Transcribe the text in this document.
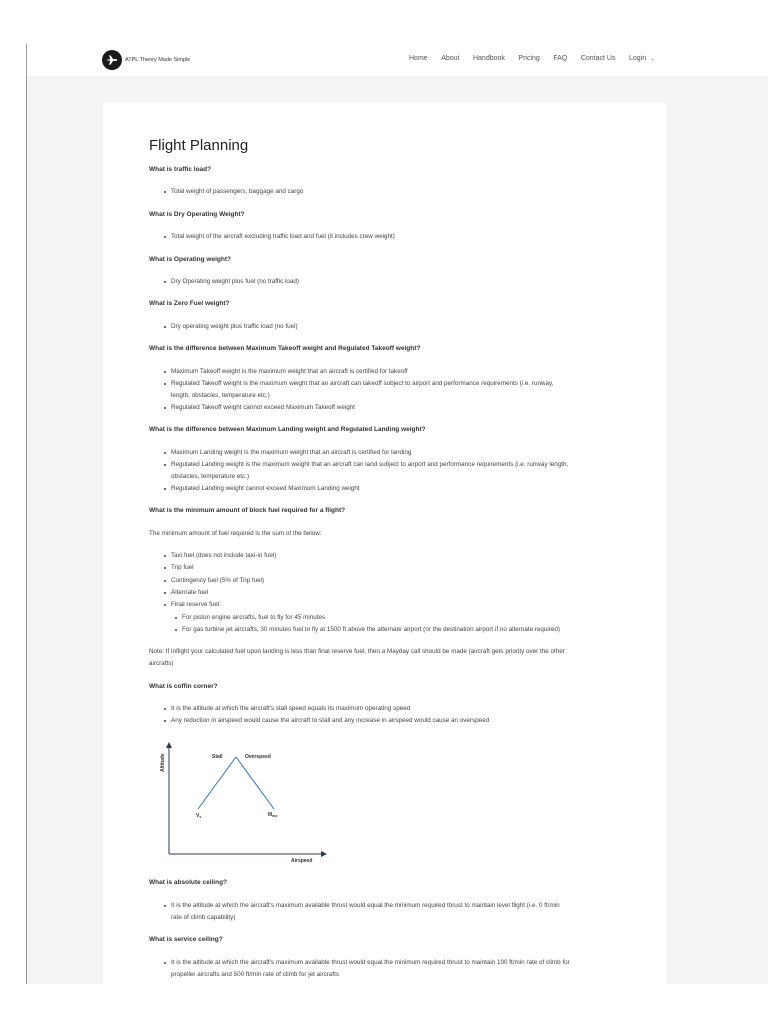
ATPL Theory Made Simple	Home About Handbook Pricing FAQ Contact Us Login ⌄
Flight Planning
What is traffic load?
Total weight of passengers, baggage and cargo
What is Dry Operating Weight?
Total weight of the aircraft excluding traffic load and fuel (it includes crew weight)
What is Operating weight?
Dry Operating weight plus fuel (no traffic load)
What is Zero Fuel weight?
Dry operating weight plus traffic load (no fuel)
What is the difference between Maximum Takeoff weight and Regulated Takeoff weight?
Maximum Takeoff weight is the maximum weight that an aircraft is certified for takeoff
Regulated Takeoff weight is the maximum weight that an aircraft can takeoff subject to airport and performance requirements (i.e. runway,
length, obstacles, temperature etc.)
Regulated Takeoff weight cannot exceed Maximum Takeoff weight
What is the difference between Maximum Landing weight and Regulated Landing weight?
Maximum Landing weight is the maximum weight that an aircraft is certified for landing
Regulated Landing weight is the maximum weight that an aircraft can land subject to airport and performance requirements (i.e. runway length,
obstacles, temperature etc.)
Regulated Landing weight cannot exceed Maximum Landing weight
What is the minimum amount of block fuel required for a flight?
The minimum amount of fuel required is the sum of the below:
Taxi fuel (does not include taxi-in fuel)
Trip fuel
Contingency fuel (5% of Trip fuel)
Alternate fuel
Final reserve fuel:
For piston engine aircrafts, fuel to fly for 45 minutes
For gas turbine jet aircrafts, 30 minutes fuel to fly at 1500 ft above the alternate airport (or the destination airport if no alternate required)
Note: If inflight your calculated fuel upon landing is less than final reserve fuel, then a Mayday call should be made (aircraft gets priority over the other
aircrafts)
What is coffin corner?
It is the altitude at which the aircraft's stall speed equals its maximum operating speed
Any reduction in airspeed would cause the aircraft to stall and any increase in airspeed would cause an overspeed
Altitude
Airspeed
Stall	Overspeed
$V_s$	$M_{mo}$
What is absolute ceiling?
It is the altitude at which the aircraft's maximum available thrust would equal the minimum required thrust to maintain level flight (i.e. 0 ft/min
rate of climb capability)
What is service ceiling?
It is the altitude at which the aircraft's maximum available thrust would equal the minimum required thrust to maintain 100 ft/min rate of climb for
propeller aircrafts and 500 ft/min rate of climb for jet aircrafts
